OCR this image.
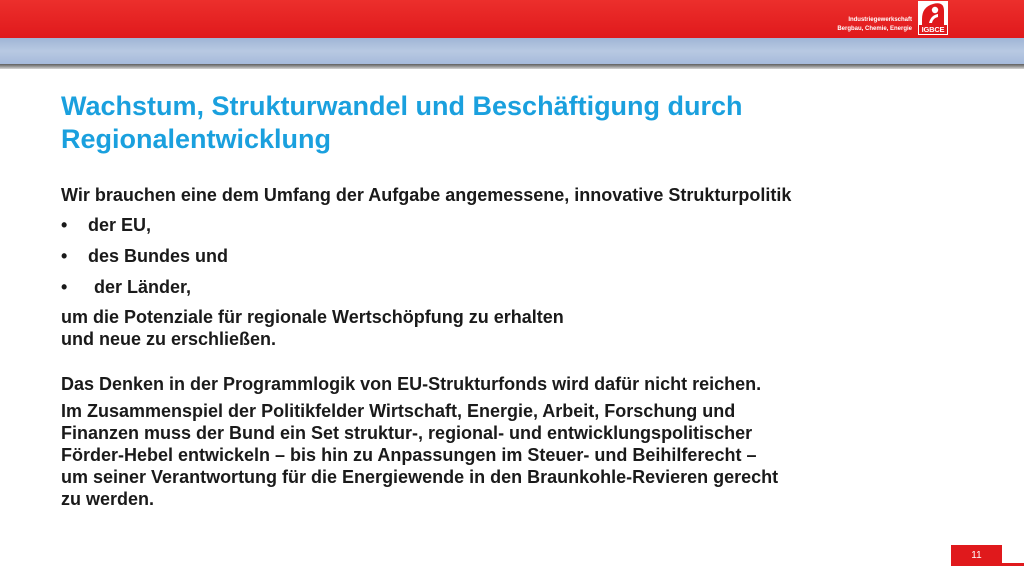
Industriegewerkschaft
Bergbau, Chemie, Energie	IGBCE
Wachstum, Strukturwandel und Beschäftigung durch Regionalentwicklung

Wir brauchen eine dem Umfang der Aufgabe angemessene, innovative Strukturpolitik

• der EU,
• des Bundes und
• der Länder,

um die Potenziale für regionale Wertschöpfung zu erhalten
und neue zu erschließen.

Das Denken in der Programmlogik von EU-Strukturfonds wird dafür nicht reichen.

Im Zusammenspiel der Politikfelder Wirtschaft, Energie, Arbeit, Forschung und
Finanzen muss der Bund ein Set struktur-, regional- und entwicklungspolitischer
Förder-Hebel entwickeln – bis hin zu Anpassungen im Steuer- und Beihilferecht –
um seiner Verantwortung für die Energiewende in den Braunkohle-Revieren gerecht
zu werden.

11
